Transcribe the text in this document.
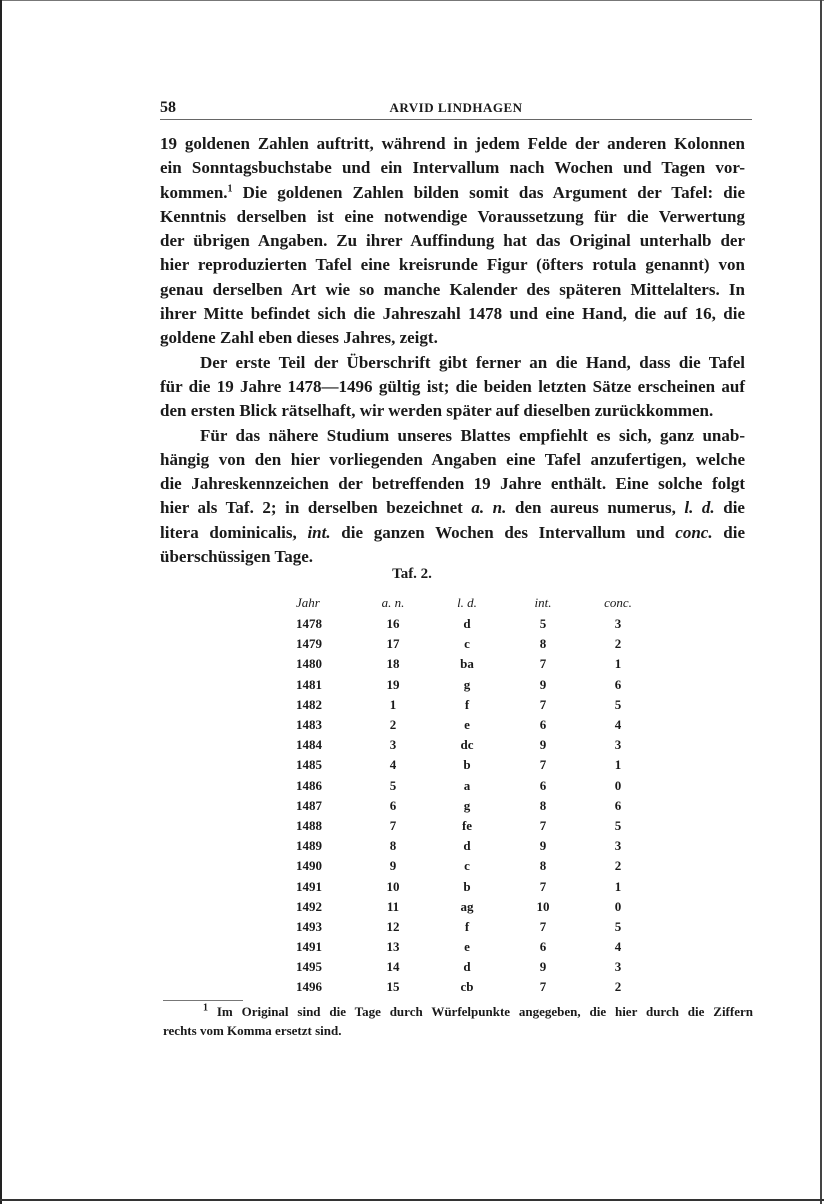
58	ARVID LINDHAGEN
19 goldenen Zahlen auftritt, während in jedem Felde der anderen Kolonnen
ein Sonntagsbuchstabe und ein Intervallum nach Wochen und Tagen vor-
kommen.$^1$ Die goldenen Zahlen bilden somit das Argument der Tafel: die
Kenntnis derselben ist eine notwendige Voraussetzung für die Verwertung
der übrigen Angaben. Zu ihrer Auffindung hat das Original unterhalb der
hier reproduzierten Tafel eine kreisrunde Figur (öfters rotula genannt) von
genau derselben Art wie so manche Kalender des späteren Mittelalters. In
ihrer Mitte befindet sich die Jahreszahl 1478 und eine Hand, die auf 16, die
goldene Zahl eben dieses Jahres, zeigt.
Der erste Teil der Überschrift gibt ferner an die Hand, dass die Tafel
für die 19 Jahre 1478—1496 gültig ist; die beiden letzten Sätze erscheinen auf
den ersten Blick rätselhaft, wir werden später auf dieselben zurückkommen.
Für das nähere Studium unseres Blattes empfiehlt es sich, ganz unab-
hängig von den hier vorliegenden Angaben eine Tafel anzufertigen, welche
die Jahreskennzeichen der betreffenden 19 Jahre enthält. Eine solche folgt
hier als Taf. 2; in derselben bezeichnet a. n. den aureus numerus, l. d. die
litera dominicalis, int. die ganzen Wochen des Intervallum und conc. die
überschüssigen Tage.
Taf. 2.
Jahr	a. n.	l. d.	int.	conc.
1478	16	d	5	3
1479	17	c	8	2
1480	18	ba	7	1
1481	19	g	9	6
1482	1	f	7	5
1483	2	e	6	4
1484	3	dc	9	3
1485	4	b	7	1
1486	5	a	6	0
1487	6	g	8	6
1488	7	fe	7	5
1489	8	d	9	3
1490	9	c	8	2
1491	10	b	7	1
1492	11	ag	10	0
1493	12	f	7	5
1491	13	e	6	4
1495	14	d	9	3
1496	15	cb	7	2
$^1$ Im Original sind die Tage durch Würfelpunkte angegeben, die hier durch die Ziffern
rechts vom Komma ersetzt sind.
